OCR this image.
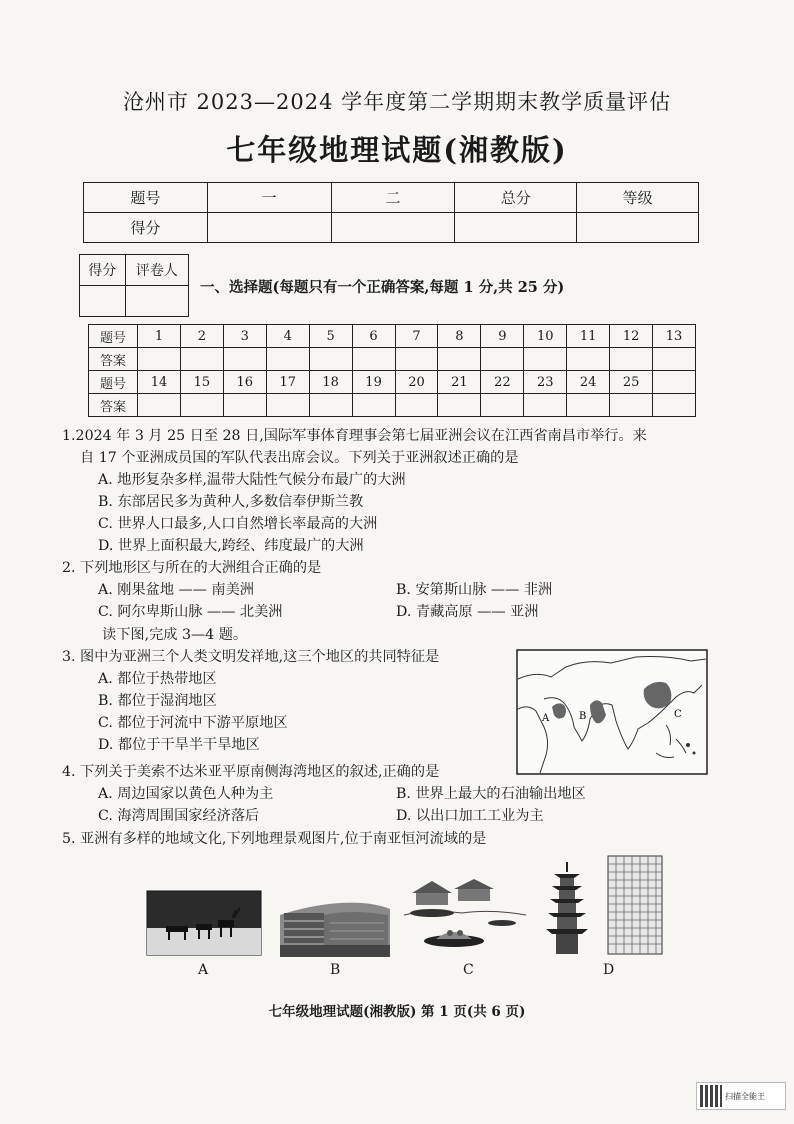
沧州市 2023—2024 学年度第二学期期末教学质量评估
七年级地理试题(湘教版)
题号	一	二	总分	等级
得分				
得分	评卷人

一、选择题(每题只有一个正确答案,每题 1 分,共 25 分)
题号	1	2	3	4	5	6	7	8	9	10	11	12	13
答案													
题号	14	15	16	17	18	19	20	21	22	23	24	25	
答案													
1.2024 年 3 月 25 日至 28 日,国际军事体育理事会第七届亚洲会议在江西省南昌市举行。来
自 17 个亚洲成员国的军队代表出席会议。下列关于亚洲叙述正确的是
A. 地形复杂多样,温带大陆性气候分布最广的大洲
B. 东部居民多为黄种人,多数信奉伊斯兰教
C. 世界人口最多,人口自然增长率最高的大洲
D. 世界上面积最大,跨经、纬度最广的大洲
2. 下列地形区与所在的大洲组合正确的是
A. 刚果盆地 —— 南美洲	B. 安第斯山脉 —— 非洲
C. 阿尔卑斯山脉 —— 北美洲	D. 青藏高原 —— 亚洲
读下图,完成 3—4 题。
3. 图中为亚洲三个人类文明发祥地,这三个地区的共同特征是
A. 都位于热带地区
B. 都位于湿润地区
C. 都位于河流中下游平原地区
D. 都位于干旱半干旱地区
A	B	C
4. 下列关于美索不达米亚平原南侧海湾地区的叙述,正确的是
A. 周边国家以黄色人种为主	B. 世界上最大的石油输出地区
C. 海湾周围国家经济落后	D. 以出口加工工业为主
5. 亚洲有多样的地域文化,下列地理景观图片,位于南亚恒河流域的是
A	B	C	D
七年级地理试题(湘教版) 第 1 页(共 6 页)
扫描全能王
